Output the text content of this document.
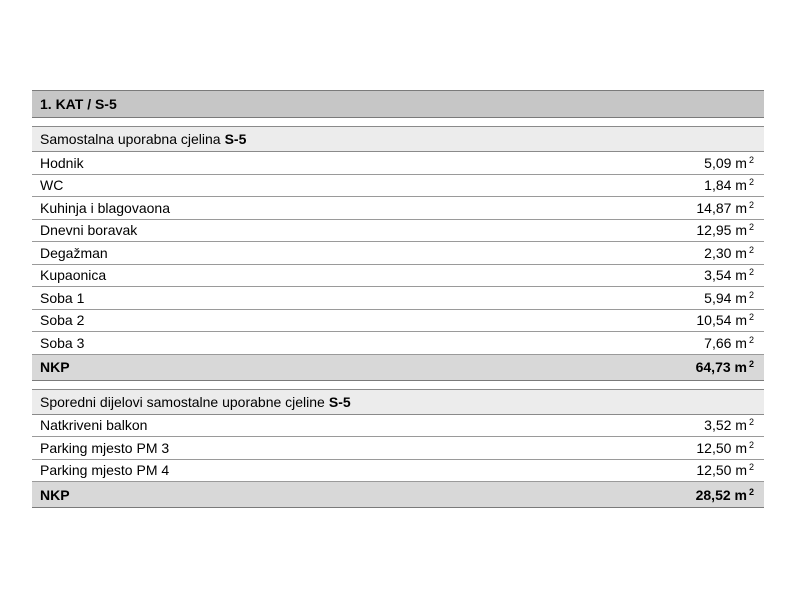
1. KAT / S-5
Samostalna uporabna cjelina S-5
Hodnik	5,09 m $^2$
WC	1,84 m $^2$
Kuhinja i blagovaona	14,87 m $^2$
Dnevni boravak	12,95 m $^2$
Degažman	2,30 m $^2$
Kupaonica	3,54 m $^2$
Soba 1	5,94 m $^2$
Soba 2	10,54 m $^2$
Soba 3	7,66 m $^2$
NKP	64,73 m $^2$
Sporedni dijelovi samostalne uporabne cjeline S-5
Natkriveni balkon	3,52 m $^2$
Parking mjesto PM 3	12,50 m $^2$
Parking mjesto PM 4	12,50 m $^2$
NKP	28,52 m $^2$
